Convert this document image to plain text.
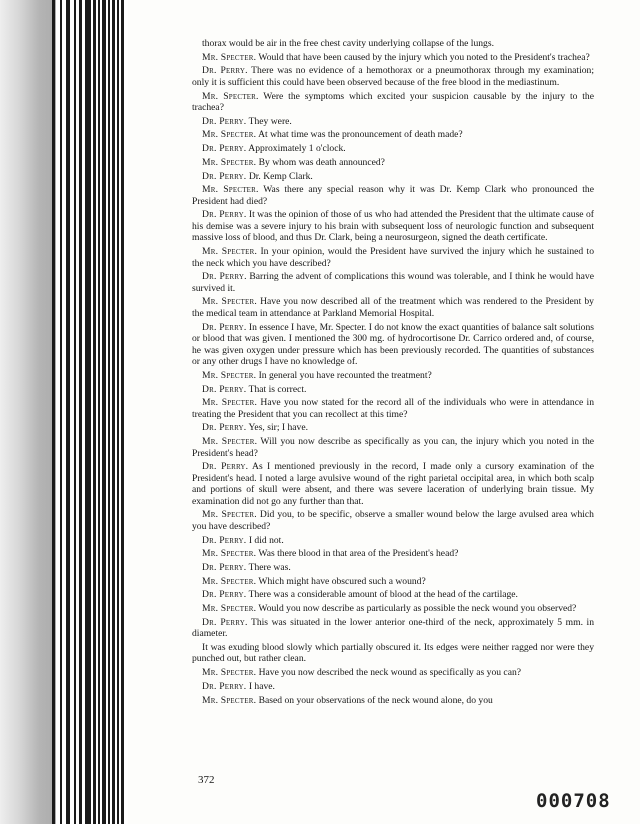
thorax would be air in the free chest cavity underlying collapse of the lungs.

Mr. Specter. Would that have been caused by the injury which you noted to the President's trachea?

Dr. Perry. There was no evidence of a hemothorax or a pneumothorax through my examination; only it is sufficient this could have been observed because of the free blood in the mediastinum.

Mr. Specter. Were the symptoms which excited your suspicion causable by the injury to the trachea?

Dr. Perry. They were.

Mr. Specter. At what time was the pronouncement of death made?

Dr. Perry. Approximately 1 o'clock.

Mr. Specter. By whom was death announced?

Dr. Perry. Dr. Kemp Clark.

Mr. Specter. Was there any special reason why it was Dr. Kemp Clark who pronounced the President had died?

Dr. Perry. It was the opinion of those of us who had attended the President that the ultimate cause of his demise was a severe injury to his brain with subsequent loss of neurologic function and subsequent massive loss of blood, and thus Dr. Clark, being a neurosurgeon, signed the death certificate.

Mr. Specter. In your opinion, would the President have survived the injury which he sustained to the neck which you have described?

Dr. Perry. Barring the advent of complications this wound was tolerable, and I think he would have survived it.

Mr. Specter. Have you now described all of the treatment which was rendered to the President by the medical team in attendance at Parkland Memorial Hospital.

Dr. Perry. In essence I have, Mr. Specter. I do not know the exact quantities of balance salt solutions or blood that was given. I mentioned the 300 mg. of hydrocortisone Dr. Carrico ordered and, of course, he was given oxygen under pressure which has been previously recorded. The quantities of substances or any other drugs I have no knowledge of.

Mr. Specter. In general you have recounted the treatment?

Dr. Perry. That is correct.

Mr. Specter. Have you now stated for the record all of the individuals who were in attendance in treating the President that you can recollect at this time?

Dr. Perry. Yes, sir; I have.

Mr. Specter. Will you now describe as specifically as you can, the injury which you noted in the President's head?

Dr. Perry. As I mentioned previously in the record, I made only a cursory examination of the President's head. I noted a large avulsive wound of the right parietal occipital area, in which both scalp and portions of skull were absent, and there was severe laceration of underlying brain tissue. My examination did not go any further than that.

Mr. Specter. Did you, to be specific, observe a smaller wound below the large avulsed area which you have described?

Dr. Perry. I did not.

Mr. Specter. Was there blood in that area of the President's head?

Dr. Perry. There was.

Mr. Specter. Which might have obscured such a wound?

Dr. Perry. There was a considerable amount of blood at the head of the cartilage.

Mr. Specter. Would you now describe as particularly as possible the neck wound you observed?

Dr. Perry. This was situated in the lower anterior one-third of the neck, approximately 5 mm. in diameter.

It was exuding blood slowly which partially obscured it. Its edges were neither ragged nor were they punched out, but rather clean.

Mr. Specter. Have you now described the neck wound as specifically as you can?

Dr. Perry. I have.

Mr. Specter. Based on your observations of the neck wound alone, do you

372
000708
